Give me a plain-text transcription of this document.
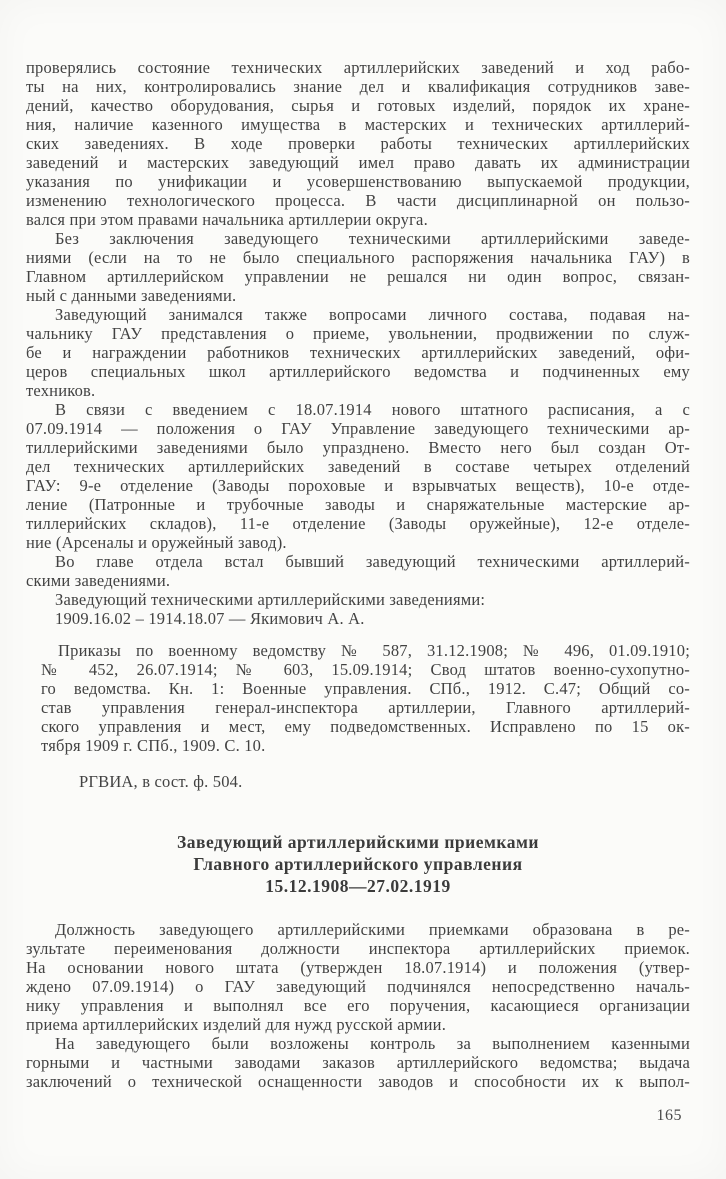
проверялись состояние технических артиллерийских заведений и ход рабо-
ты на них, контролировались знание дел и квалификация сотрудников заве-
дений, качество оборудования, сырья и готовых изделий, порядок их хране-
ния, наличие казенного имущества в мастерских и технических артиллерий-
ских заведениях. В ходе проверки работы технических артиллерийских
заведений и мастерских заведующий имел право давать их администрации
указания по унификации и усовершенствованию выпускаемой продукции,
изменению технологического процесса. В части дисциплинарной он пользо-
вался при этом правами начальника артиллерии округа.
Без заключения заведующего техническими артиллерийскими заведе-
ниями (если на то не было специального распоряжения начальника ГАУ) в
Главном артиллерийском управлении не решался ни один вопрос, связан-
ный с данными заведениями.
Заведующий занимался также вопросами личного состава, подавая на-
чальнику ГАУ представления о приеме, увольнении, продвижении по служ-
бе и награждении работников технических артиллерийских заведений, офи-
церов специальных школ артиллерийского ведомства и подчиненных ему
техников.
В связи с введением с 18.07.1914 нового штатного расписания, а с
07.09.1914 — положения о ГАУ Управление заведующего техническими ар-
тиллерийскими заведениями было упразднено. Вместо него был создан От-
дел технических артиллерийских заведений в составе четырех отделений
ГАУ: 9-е отделение (Заводы пороховые и взрывчатых веществ), 10-е отде-
ление (Патронные и трубочные заводы и снаряжательные мастерские ар-
тиллерийских складов), 11-е отделение (Заводы оружейные), 12-е отделе-
ние (Арсеналы и оружейный завод).
Во главе отдела встал бывший заведующий техническими артиллерий-
скими заведениями.
Заведующий техническими артиллерийскими заведениями:
1909.16.02 – 1914.18.07 — Якимович А. А.
Приказы по военному ведомству № 587, 31.12.1908; № 496, 01.09.1910;
№ 452, 26.07.1914; № 603, 15.09.1914; Свод штатов военно-сухопутно-
го ведомства. Кн. 1: Военные управления. СПб., 1912. С.47; Общий со-
став управления генерал-инспектора артиллерии, Главного артиллерий-
ского управления и мест, ему подведомственных. Исправлено по 15 ок-
тября 1909 г. СПб., 1909. С. 10.
РГВИА, в сост. ф. 504.
Заведующий артиллерийскими приемками
Главного артиллерийского управления
15.12.1908—27.02.1919
Должность заведующего артиллерийскими приемками образована в ре-
зультате переименования должности инспектора артиллерийских приемок.
На основании нового штата (утвержден 18.07.1914) и положения (утвер-
ждено 07.09.1914) о ГАУ заведующий подчинялся непосредственно началь-
нику управления и выполнял все его поручения, касающиеся организации
приема артиллерийских изделий для нужд русской армии.
На заведующего были возложены контроль за выполнением казенными
горными и частными заводами заказов артиллерийского ведомства; выдача
заключений о технической оснащенности заводов и способности их к выпол-
165
